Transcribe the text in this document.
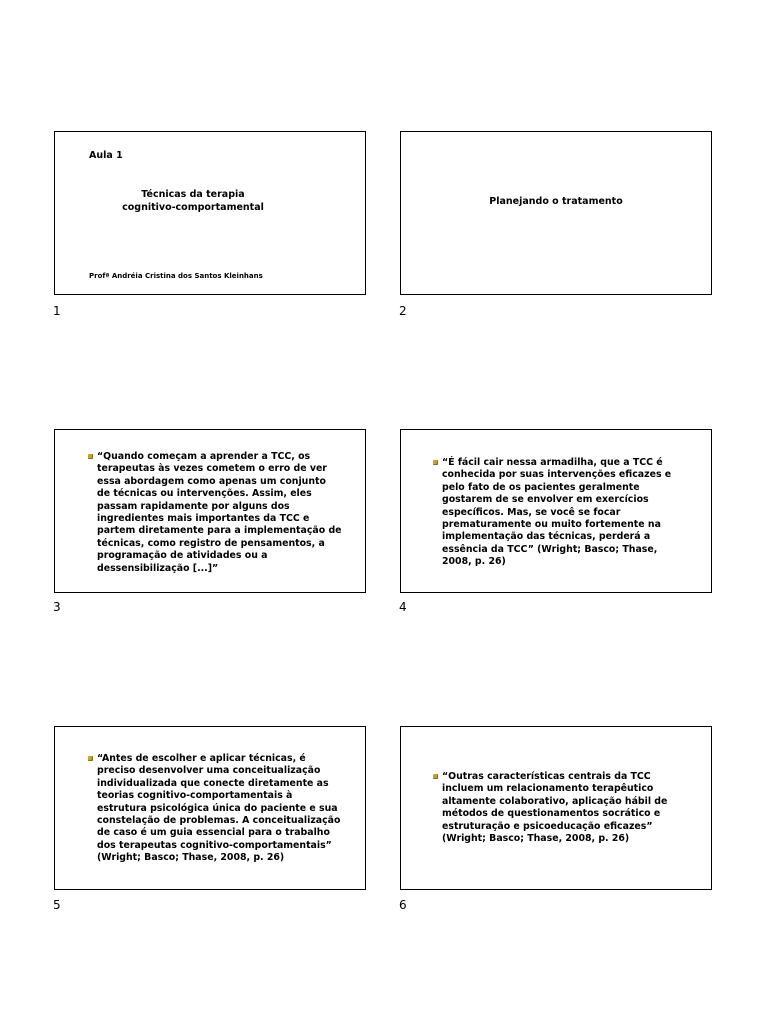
Aula 1
Técnicas da terapia
cognitivo-comportamental
Profª Andréia Cristina dos Santos Kleinhans
1
Planejando o tratamento
2
“Quando começam a aprender a TCC, os
terapeutas às vezes cometem o erro de ver
essa abordagem como apenas um conjunto
de técnicas ou intervenções. Assim, eles
passam rapidamente por alguns dos
ingredientes mais importantes da TCC e
partem diretamente para a implementação de
técnicas, como registro de pensamentos, a
programação de atividades ou a
dessensibilização [...]”
3
“É fácil cair nessa armadilha, que a TCC é
conhecida por suas intervenções eficazes e
pelo fato de os pacientes geralmente
gostarem de se envolver em exercícios
específicos. Mas, se você se focar
prematuramente ou muito fortemente na
implementação das técnicas, perderá a
essência da TCC” (Wright; Basco; Thase,
2008, p. 26)
4
“Antes de escolher e aplicar técnicas, é
preciso desenvolver uma conceitualização
individualizada que conecte diretamente as
teorias cognitivo-comportamentais à
estrutura psicológica única do paciente e sua
constelação de problemas. A conceitualização
de caso é um guia essencial para o trabalho
dos terapeutas cognitivo-comportamentais”
(Wright; Basco; Thase, 2008, p. 26)
5
“Outras características centrais da TCC
incluem um relacionamento terapêutico
altamente colaborativo, aplicação hábil de
métodos de questionamentos socrático e
estruturação e psicoeducação eficazes”
(Wright; Basco; Thase, 2008, p. 26)
6
